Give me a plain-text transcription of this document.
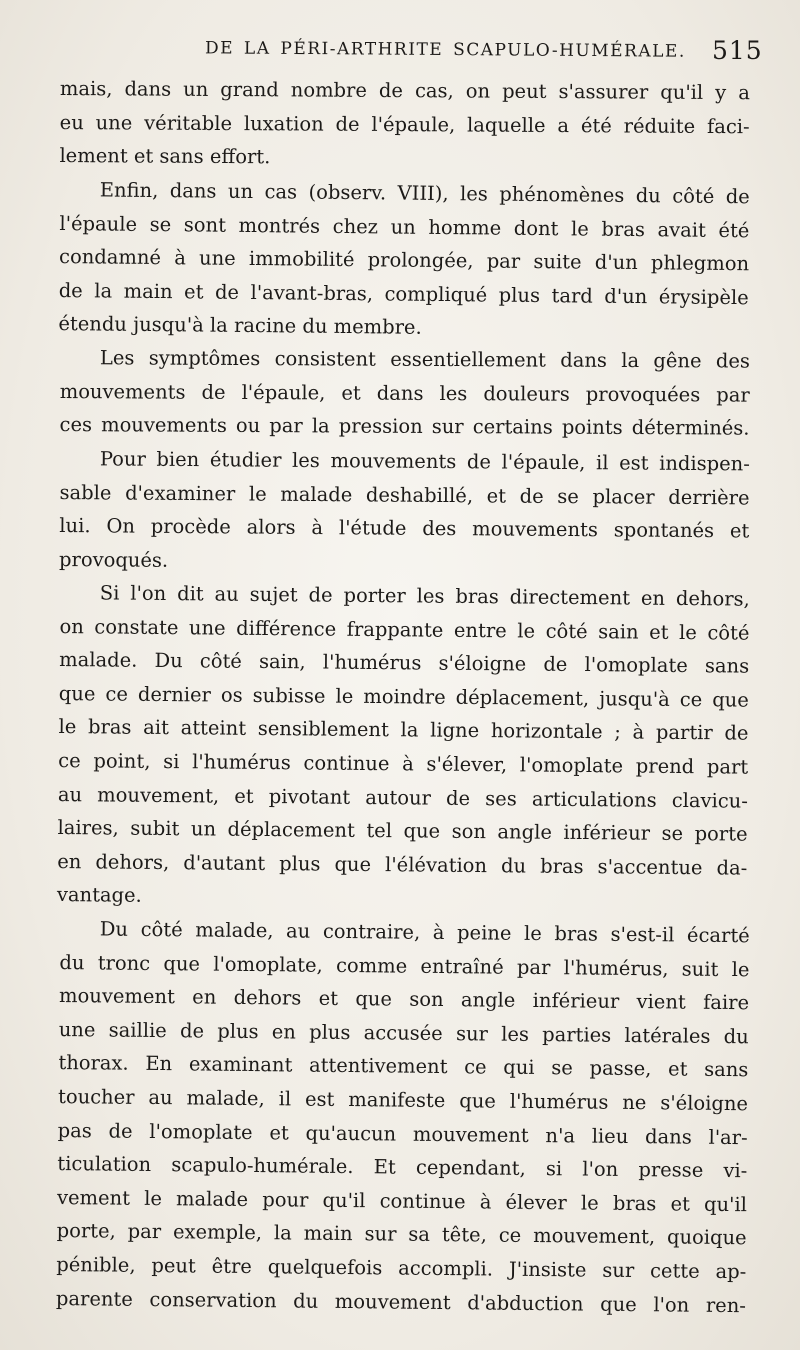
DE LA PÉRI-ARTHRITE SCAPULO-HUMÉRALE. 515
mais, dans un grand nombre de cas, on peut s'assurer qu'il y a
eu une véritable luxation de l'épaule, laquelle a été réduite faci-
lement et sans effort.
Enfin, dans un cas (observ. VIII), les phénomènes du côté de
l'épaule se sont montrés chez un homme dont le bras avait été
condamné à une immobilité prolongée, par suite d'un phlegmon
de la main et de l'avant-bras, compliqué plus tard d'un érysipèle
étendu jusqu'à la racine du membre.
Les symptômes consistent essentiellement dans la gêne des
mouvements de l'épaule, et dans les douleurs provoquées par
ces mouvements ou par la pression sur certains points déterminés.
Pour bien étudier les mouvements de l'épaule, il est indispen-
sable d'examiner le malade deshabillé, et de se placer derrière
lui. On procède alors à l'étude des mouvements spontanés et
provoqués.
Si l'on dit au sujet de porter les bras directement en dehors,
on constate une différence frappante entre le côté sain et le côté
malade. Du côté sain, l'humérus s'éloigne de l'omoplate sans
que ce dernier os subisse le moindre déplacement, jusqu'à ce que
le bras ait atteint sensiblement la ligne horizontale ; à partir de
ce point, si l'humérus continue à s'élever, l'omoplate prend part
au mouvement, et pivotant autour de ses articulations clavicu-
laires, subit un déplacement tel que son angle inférieur se porte
en dehors, d'autant plus que l'élévation du bras s'accentue da-
vantage.
Du côté malade, au contraire, à peine le bras s'est-il écarté
du tronc que l'omoplate, comme entraîné par l'humérus, suit le
mouvement en dehors et que son angle inférieur vient faire
une saillie de plus en plus accusée sur les parties latérales du
thorax. En examinant attentivement ce qui se passe, et sans
toucher au malade, il est manifeste que l'humérus ne s'éloigne
pas de l'omoplate et qu'aucun mouvement n'a lieu dans l'ar-
ticulation scapulo-humérale. Et cependant, si l'on presse vi-
vement le malade pour qu'il continue à élever le bras et qu'il
porte, par exemple, la main sur sa tête, ce mouvement, quoique
pénible, peut être quelquefois accompli. J'insiste sur cette ap-
parente conservation du mouvement d'abduction que l'on ren-
